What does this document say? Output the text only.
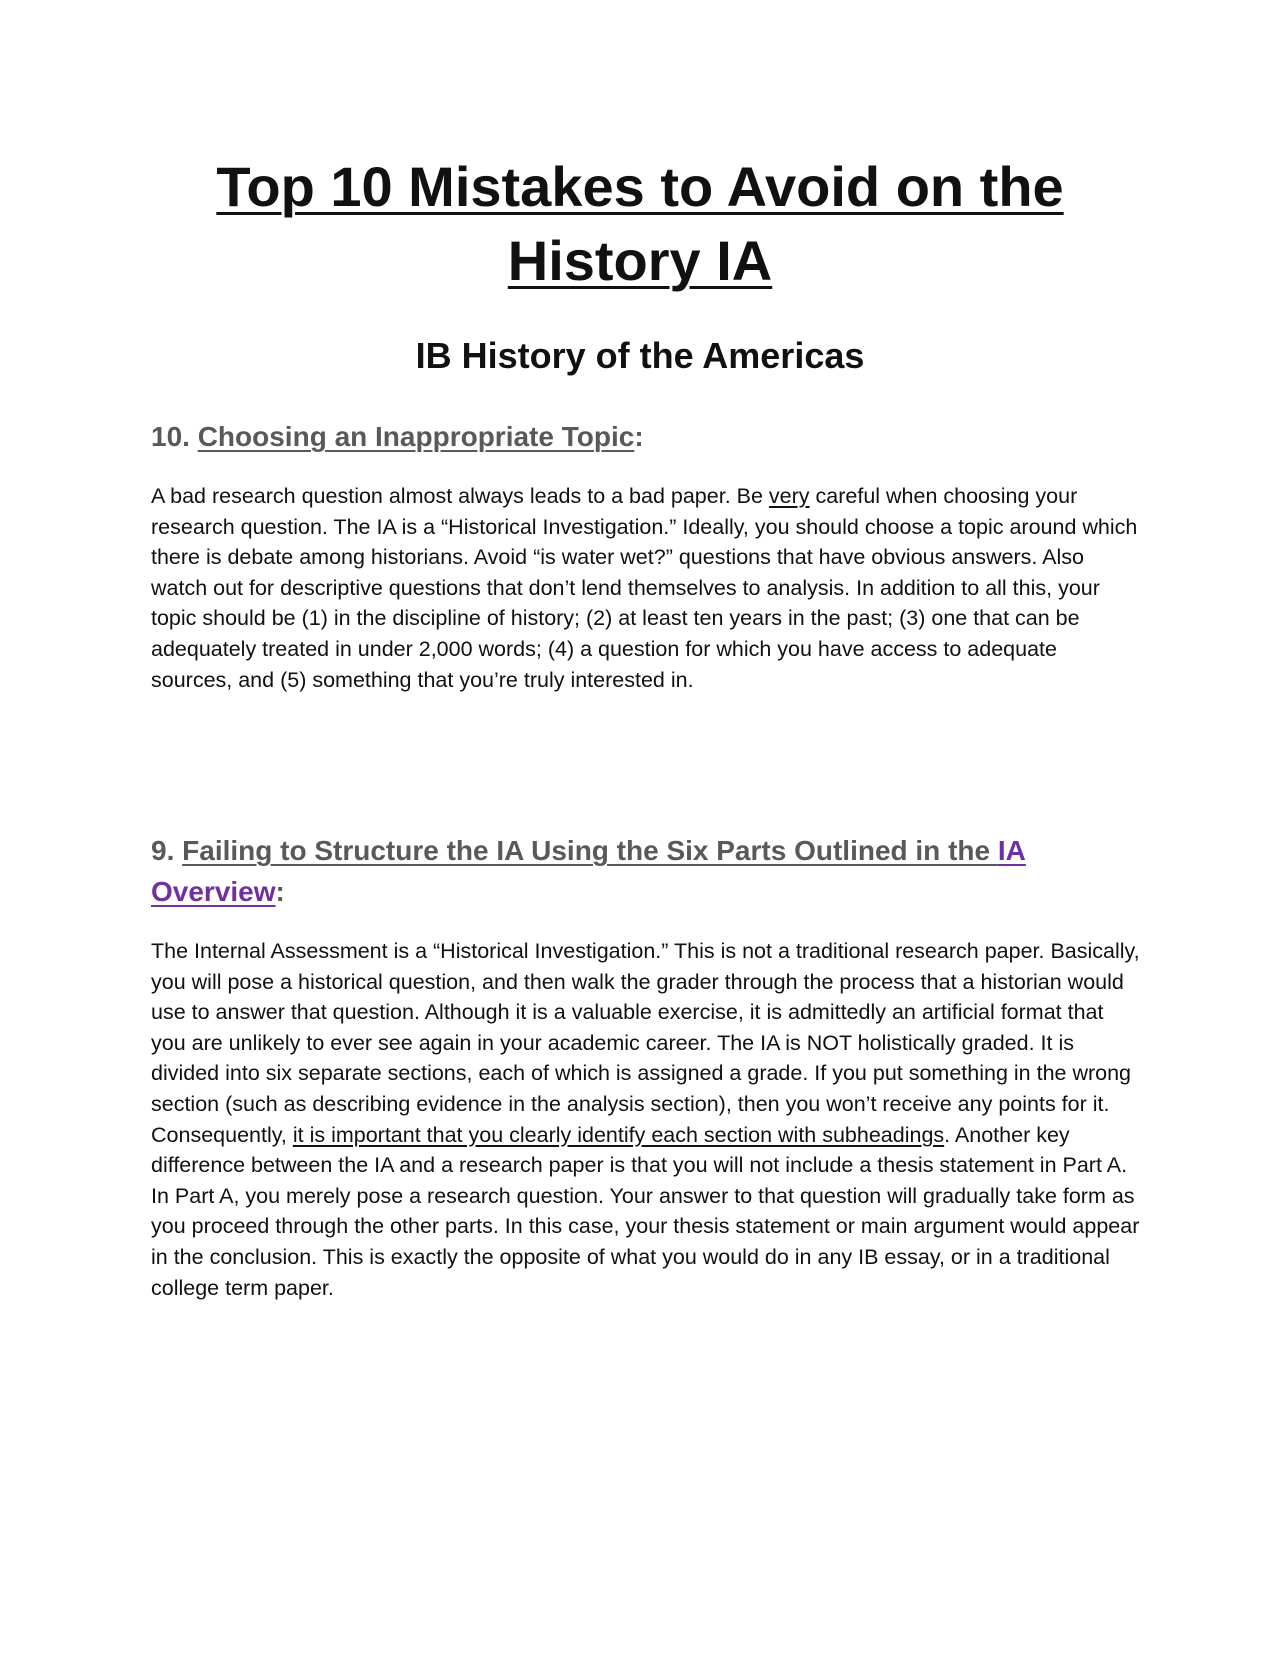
Top 10 Mistakes to Avoid on the History IA
IB History of the Americas
10. Choosing an Inappropriate Topic:

A bad research question almost always leads to a bad paper. Be very careful when choosing your research question. The IA is a “Historical Investigation.” Ideally, you should choose a topic around which there is debate among historians. Avoid “is water wet?” questions that have obvious answers. Also watch out for descriptive questions that don’t lend themselves to analysis. In addition to all this, your topic should be (1) in the discipline of history; (2) at least ten years in the past; (3) one that can be adequately treated in under 2,000 words; (4) a question for which you have access to adequate sources, and (5) something that you’re truly interested in.

9. Failing to Structure the IA Using the Six Parts Outlined in the IA Overview:

The Internal Assessment is a “Historical Investigation.” This is not a traditional research paper. Basically, you will pose a historical question, and then walk the grader through the process that a historian would use to answer that question. Although it is a valuable exercise, it is admittedly an artificial format that you are unlikely to ever see again in your academic career. The IA is NOT holistically graded. It is divided into six separate sections, each of which is assigned a grade. If you put something in the wrong section (such as describing evidence in the analysis section), then you won’t receive any points for it. Consequently, it is important that you clearly identify each section with subheadings. Another key difference between the IA and a research paper is that you will not include a thesis statement in Part A. In Part A, you merely pose a research question. Your answer to that question will gradually take form as you proceed through the other parts. In this case, your thesis statement or main argument would appear in the conclusion. This is exactly the opposite of what you would do in any IB essay, or in a traditional college term paper.
